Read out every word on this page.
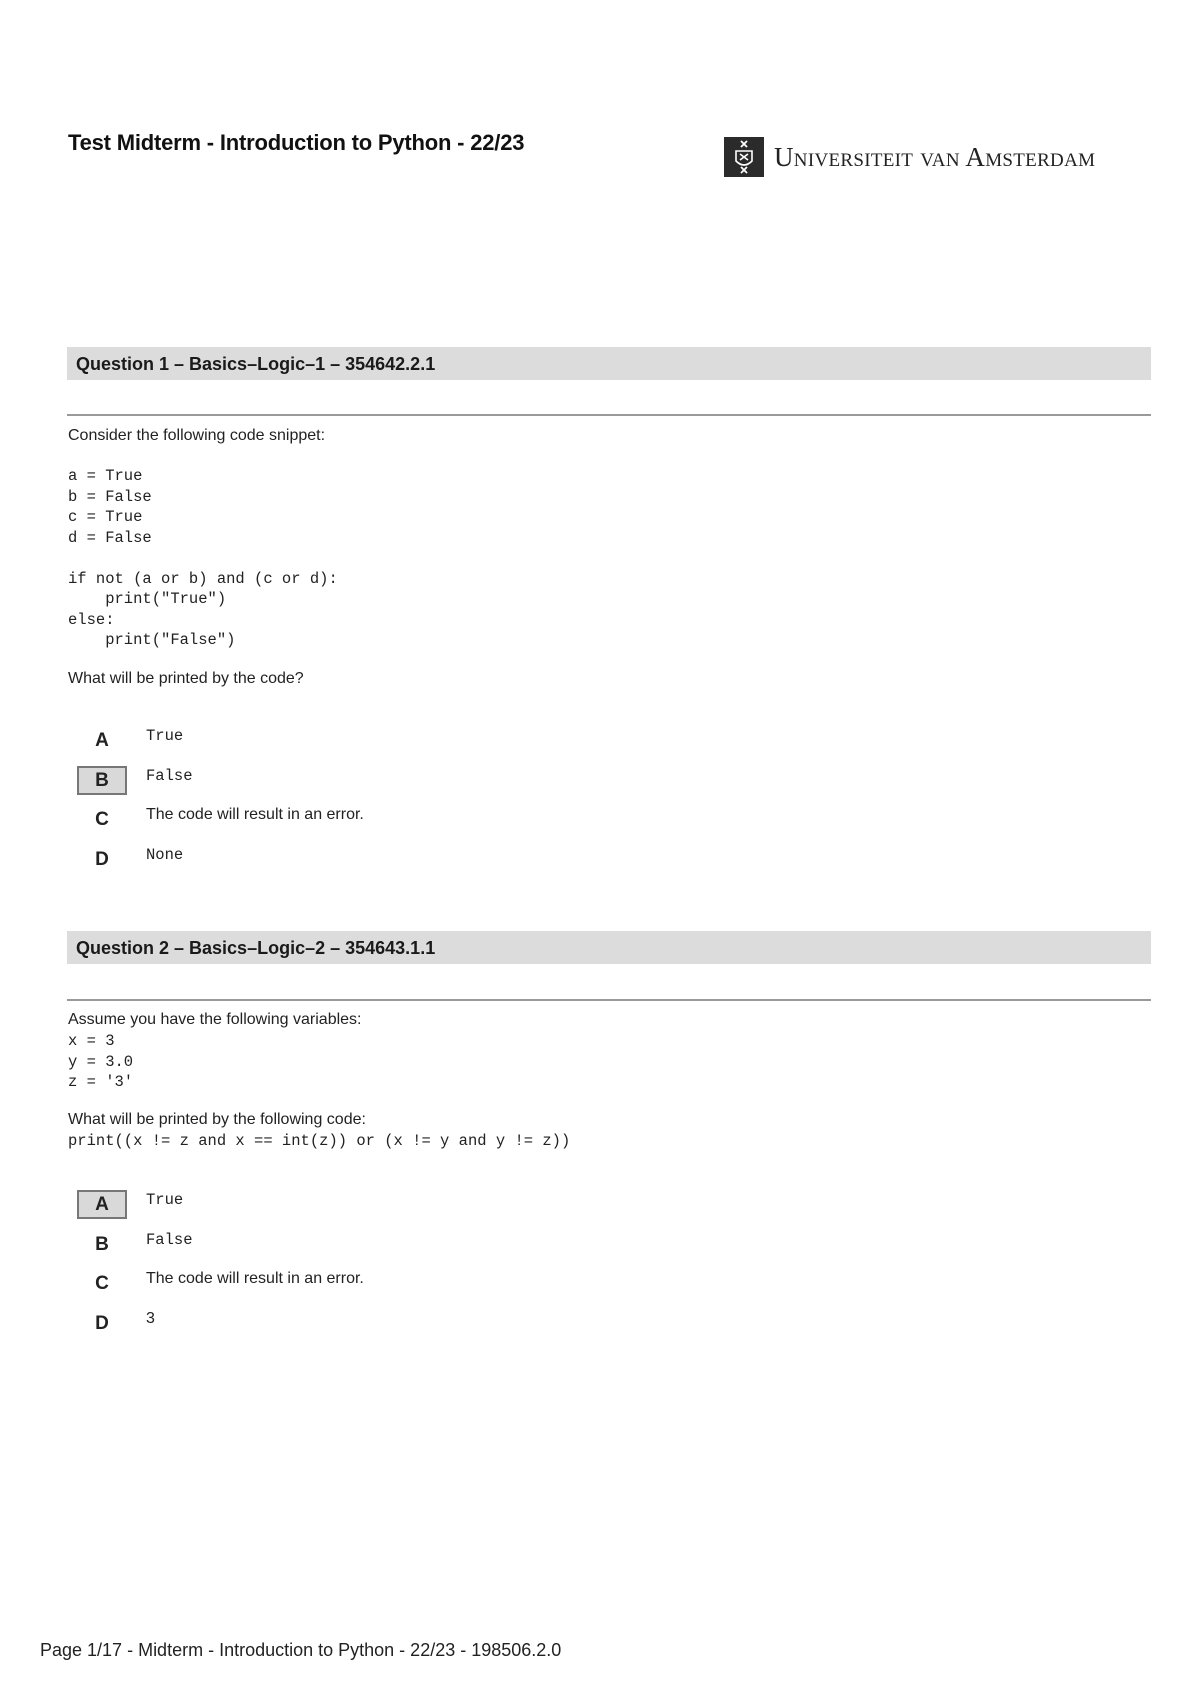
Test Midterm - Introduction to Python - 22/23	Universiteit van Amsterdam
Question 1 – Basics–Logic–1 – 354642.2.1
Consider the following code snippet:
a = True
b = False
c = True
d = False

if not (a or b) and (c or d):
print("True")
else:
print("False")
What will be printed by the code?
A	True
B	False
C	The code will result in an error.
D	None
Question 2 – Basics–Logic–2 – 354643.1.1
Assume you have the following variables:
x = 3
y = 3.0
z = '3'
What will be printed by the following code:
print((x != z and x == int(z)) or (x != y and y != z))
A	True
B	False
C	The code will result in an error.
D	3
Page 1/17 - Midterm - Introduction to Python - 22/23 - 198506.2.0
